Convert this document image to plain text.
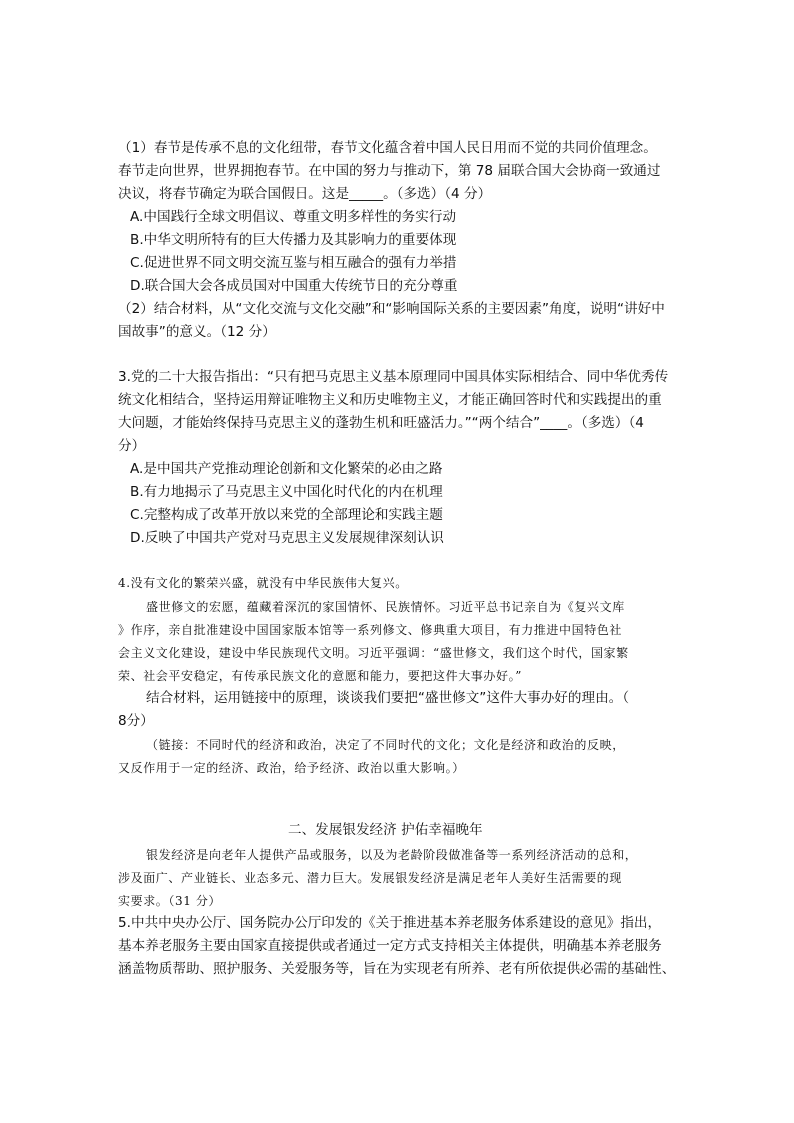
（1）春节是传承不息的文化纽带，春节文化蕴含着中国人民日用而不觉的共同价值理念。
春节走向世界，世界拥抱春节。在中国的努力与推动下，第 78 届联合国大会协商一致通过
决议，将春节确定为联合国假日。这是_____。（多选）（4 分）
A.中国践行全球文明倡议、尊重文明多样性的务实行动
B.中华文明所特有的巨大传播力及其影响力的重要体现
C.促进世界不同文明交流互鉴与相互融合的强有力举措
D.联合国大会各成员国对中国重大传统节日的充分尊重
（2）结合材料，从“文化交流与文化交融”和“影响国际关系的主要因素”角度，说明“讲好中
国故事”的意义。（12 分）
3.党的二十大报告指出：“只有把马克思主义基本原理同中国具体实际相结合、同中华优秀传
统文化相结合，坚持运用辩证唯物主义和历史唯物主义，才能正确回答时代和实践提出的重
大问题，才能始终保持马克思主义的蓬勃生机和旺盛活力。”“两个结合”____。（多选）（4
分）
A.是中国共产党推动理论创新和文化繁荣的必由之路
B.有力地揭示了马克思主义中国化时代化的内在机理
C.完整构成了改革开放以来党的全部理论和实践主题
D.反映了中国共产党对马克思主义发展规律深刻认识
4.没有文化的繁荣兴盛，就没有中华民族伟大复兴。
盛世修文的宏愿，蕴藏着深沉的家国情怀、民族情怀。习近平总书记亲自为《复兴文库
》作序，亲自批准建设中国国家版本馆等一系列修文、修典重大项目，有力推进中国特色社
会主义文化建设，建设中华民族现代文明。习近平强调：“盛世修文，我们这个时代，国家繁
荣、社会平安稳定，有传承民族文化的意愿和能力，要把这件大事办好。”
结合材料，运用链接中的原理，谈谈我们要把“盛世修文”这件大事办好的理由。（
8分）
（链接：不同时代的经济和政治，决定了不同时代的文化；文化是经济和政治的反映，
又反作用于一定的经济、政治，给予经济、政治以重大影响。）
二、发展银发经济 护佑幸福晚年
银发经济是向老年人提供产品或服务，以及为老龄阶段做准备等一系列经济活动的总和，
涉及面广、产业链长、业态多元、潜力巨大。发展银发经济是满足老年人美好生活需要的现
实要求。（31 分）
5.中共中央办公厅、国务院办公厅印发的《关于推进基本养老服务体系建设的意见》指出，
基本养老服务主要由国家直接提供或者通过一定方式支持相关主体提供，明确基本养老服务
涵盖物质帮助、照护服务、关爱服务等，旨在为实现老有所养、老有所依提供必需的基础性、
